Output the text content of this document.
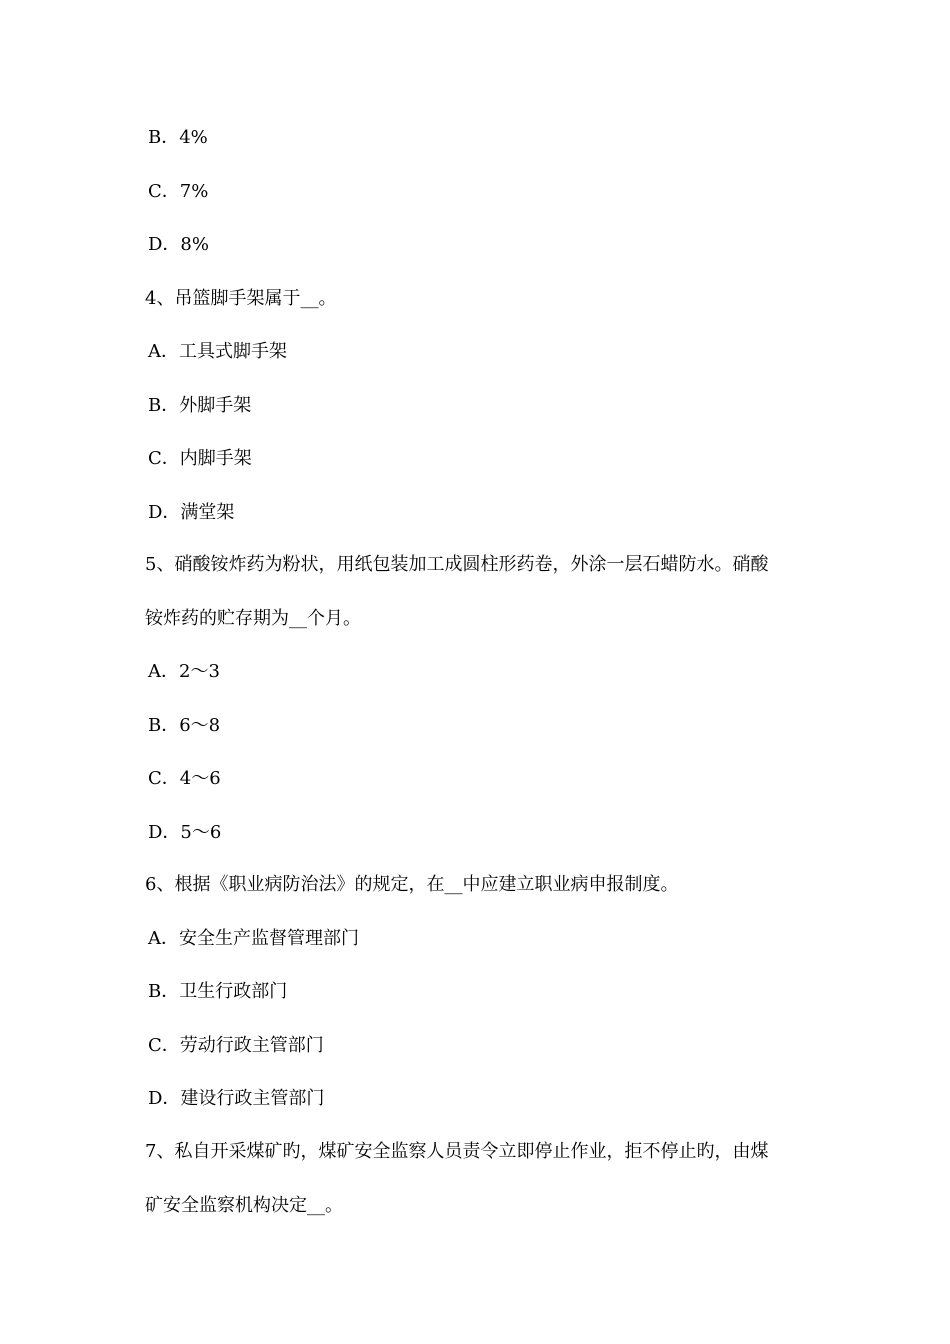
B．4%
C．7%
D．8%
4、吊篮脚手架属于__。
A．工具式脚手架
B．外脚手架
C．内脚手架
D．满堂架
5、硝酸铵炸药为粉状，用纸包装加工成圆柱形药卷，外涂一层石蜡防水。硝酸
铵炸药的贮存期为__个月。
A．2～3
B．6～8
C．4～6
D．5～6
6、根据《职业病防治法》的规定，在__中应建立职业病申报制度。
A．安全生产监督管理部门
B．卫生行政部门
C．劳动行政主管部门
D．建设行政主管部门
7、私自开采煤矿旳，煤矿安全监察人员责令立即停止作业，拒不停止旳，由煤
矿安全监察机构决定__。
